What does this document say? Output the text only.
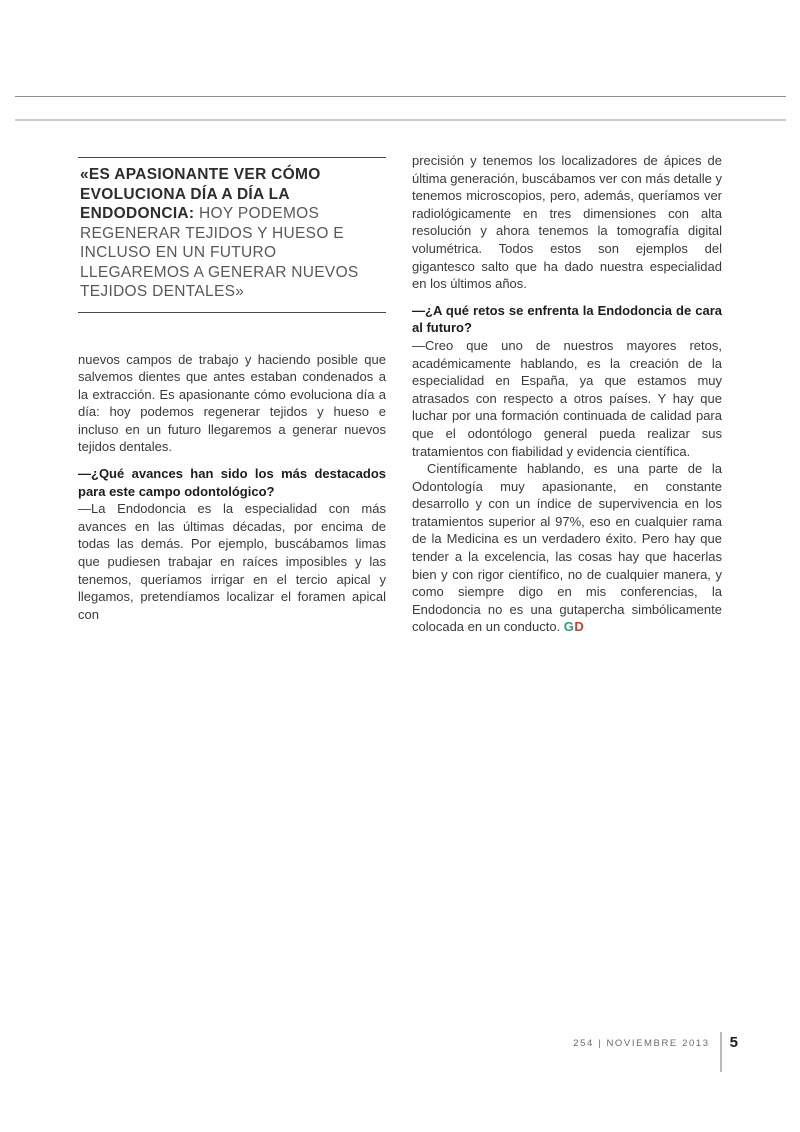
«ES APASIONANTE VER CÓMO EVOLUCIONA DÍA A DÍA LA ENDODONCIA: HOY PODEMOS REGENERAR TEJIDOS Y HUESO E INCLUSO EN UN FUTURO LLEGAREMOS A GENERAR NUEVOS TEJIDOS DENTALES»

nuevos campos de trabajo y haciendo posible que salvemos dientes que antes estaban condenados a la extracción. Es apasionante cómo evoluciona día a día: hoy podemos regenerar tejidos y hueso e incluso en un futuro llegaremos a generar nuevos tejidos dentales.

—¿Qué avances han sido los más destacados para este campo odontológico?

—La Endodoncia es la especialidad con más avances en las últimas décadas, por encima de todas las demás. Por ejemplo, buscábamos limas que pudiesen trabajar en raíces imposibles y las tenemos, queríamos irrigar en el tercio apical y llegamos, pretendíamos localizar el foramen apical con

precisión y tenemos los localizadores de ápices de última generación, buscábamos ver con más detalle y tenemos microscopios, pero, además, queríamos ver radiológicamente en tres dimensiones con alta resolución y ahora tenemos la tomografía digital volumétrica. Todos estos son ejemplos del gigantesco salto que ha dado nuestra especialidad en los últimos años.

—¿A qué retos se enfrenta la Endodoncia de cara al futuro?

—Creo que uno de nuestros mayores retos, académicamente hablando, es la creación de la especialidad en España, ya que estamos muy atrasados con respecto a otros países. Y hay que luchar por una formación continuada de calidad para que el odontólogo general pueda realizar sus tratamientos con fiabilidad y evidencia científica.

Científicamente hablando, es una parte de la Odontología muy apasionante, en constante desarrollo y con un índice de supervivencia en los tratamientos superior al 97%, eso en cualquier rama de la Medicina es un verdadero éxito. Pero hay que tender a la excelencia, las cosas hay que hacerlas bien y con rigor científico, no de cualquier manera, y como siempre digo en mis conferencias, la Endodoncia no es una gutapercha simbólicamente colocada en un conducto. GD

254 | NOVIEMBRE 2013 5
